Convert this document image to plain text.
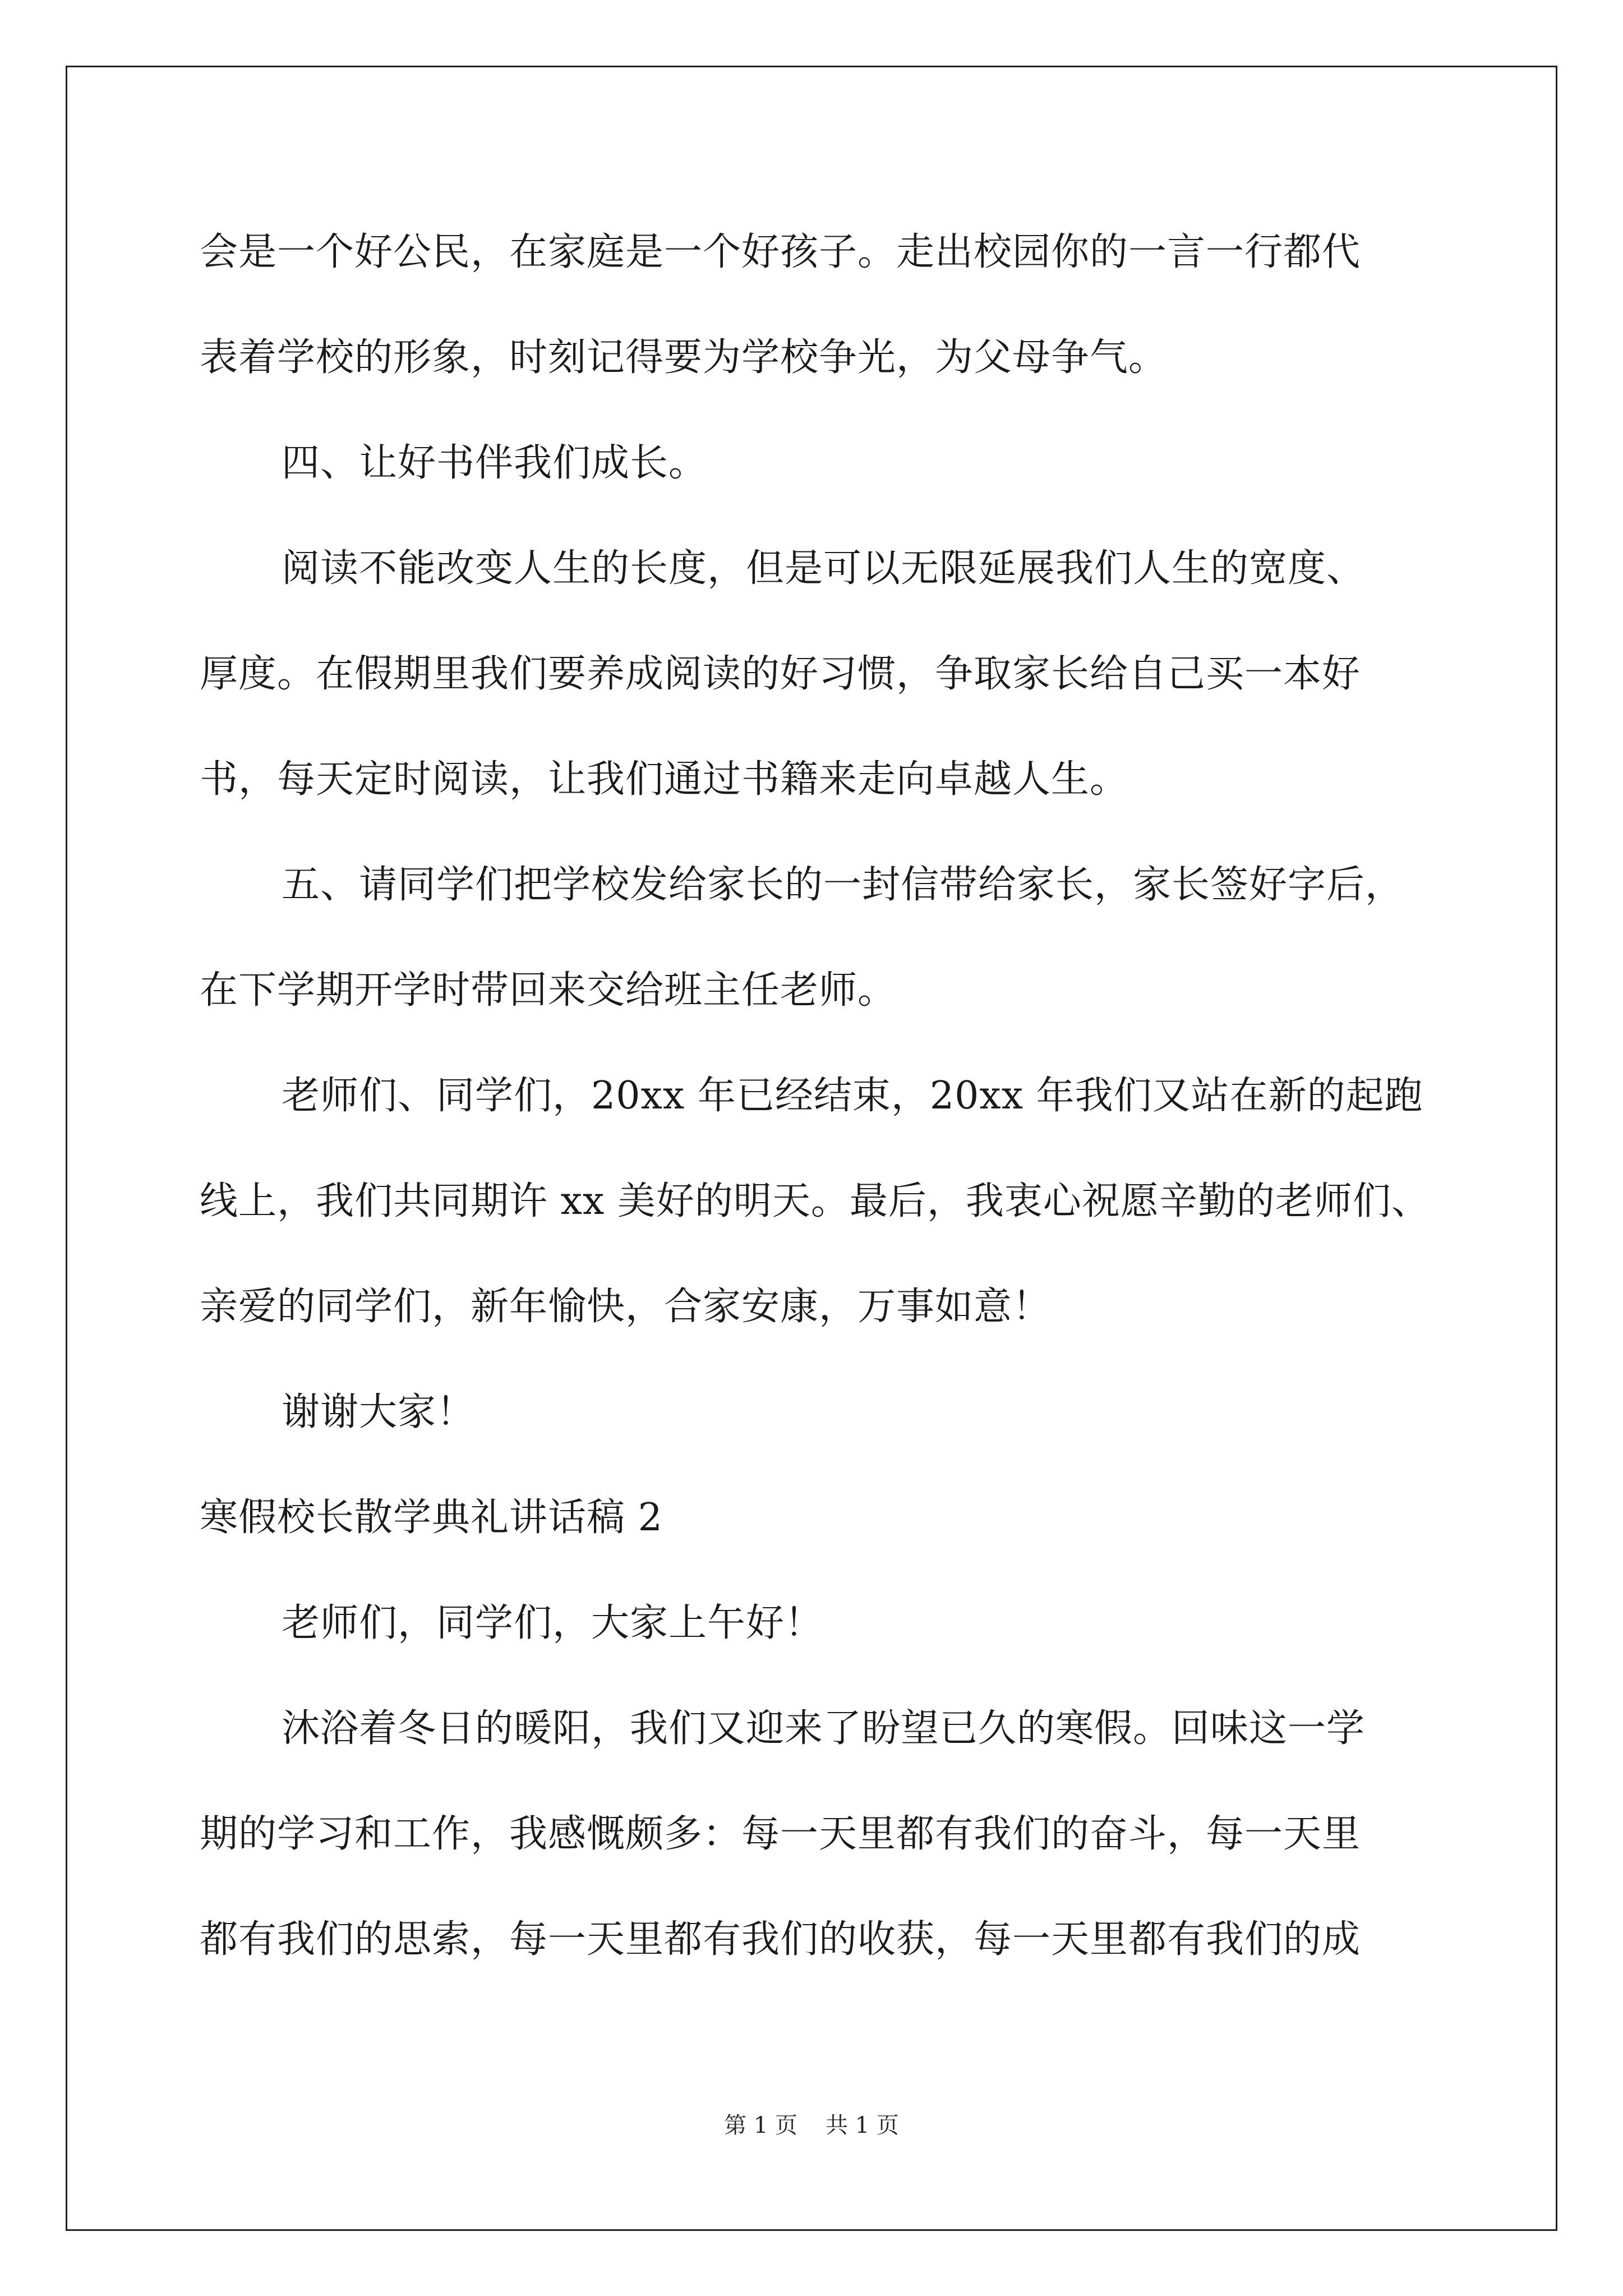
会是一个好公民，在家庭是一个好孩子。走出校园你的一言一行都代
表着学校的形象，时刻记得要为学校争光，为父母争气。
四、让好书伴我们成长。
阅读不能改变人生的长度，但是可以无限延展我们人生的宽度、
厚度。在假期里我们要养成阅读的好习惯，争取家长给自己买一本好
书，每天定时阅读，让我们通过书籍来走向卓越人生。
五、请同学们把学校发给家长的一封信带给家长，家长签好字后，
在下学期开学时带回来交给班主任老师。
老师们、同学们，20xx 年已经结束，20xx 年我们又站在新的起跑
线上，我们共同期许 xx 美好的明天。最后，我衷心祝愿辛勤的老师们、
亲爱的同学们，新年愉快，合家安康，万事如意！
谢谢大家！
寒假校长散学典礼讲话稿 2
老师们，同学们，大家上午好！
沐浴着冬日的暖阳，我们又迎来了盼望已久的寒假。回味这一学
期的学习和工作，我感慨颇多：每一天里都有我们的奋斗，每一天里
都有我们的思索，每一天里都有我们的收获，每一天里都有我们的成
第 1 页 共 1 页
